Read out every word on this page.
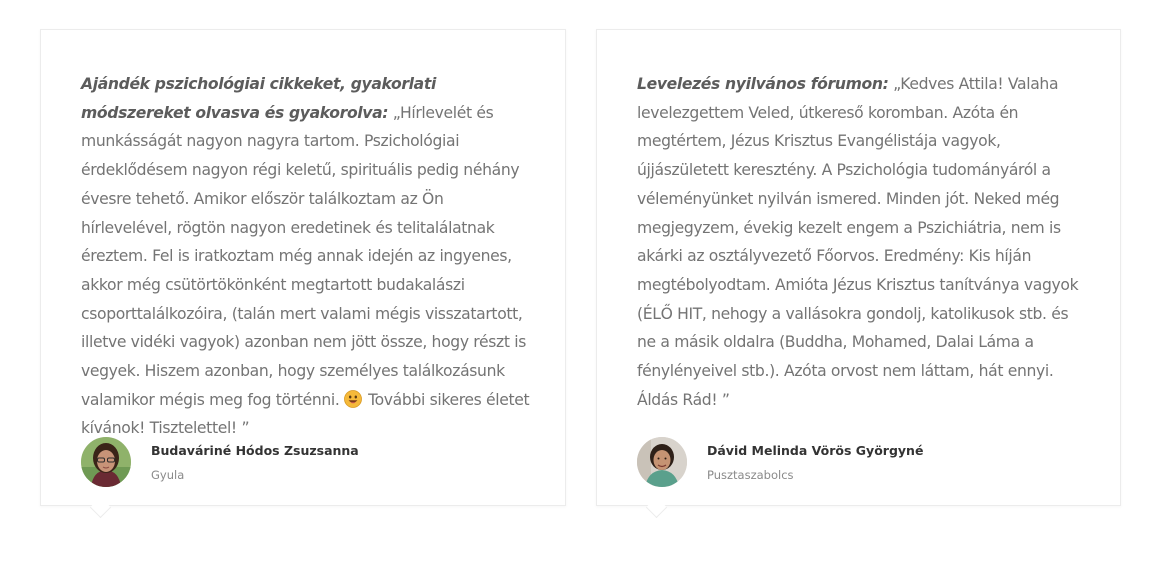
Ajándék pszichológiai cikkeket, gyakorlati módszereket olvasva és gyakorolva: „Hírlevelét és munkásságát nagyon nagyra tartom. Pszichológiai érdeklődésem nagyon régi keletű, spirituális pedig néhány évesre tehető. Amikor először találkoztam az Ön hírlevelével, rögtön nagyon eredetinek és telitalálatnak éreztem. Fel is iratkoztam még annak idején az ingyenes, akkor még csütörtökönként megtartott budakalászi csoporttalálkozóira, (talán mert valami mégis visszatartott, illetve vidéki vagyok) azonban nem jött össze, hogy részt is vegyek. Hiszem azonban, hogy személyes találkozásunk valamikor mégis meg fog történni. További sikeres életet kívánok! Tisztelettel! ”

Budaváriné Hódos Zsuzsanna
Gyula

Levelezés nyilvános fórumon: „Kedves Attila! Valaha levelezgettem Veled, útkereső koromban. Azóta én megtértem, Jézus Krisztus Evangélistája vagyok, újjászületett keresztény. A Pszichológia tudományáról a véleményünket nyilván ismered. Minden jót. Neked még megjegyzem, évekig kezelt engem a Pszichiátria, nem is akárki az osztályvezető Főorvos. Eredmény: Kis híján megtébolyodtam. Amióta Jézus Krisztus tanítványa vagyok (ÉLŐ HIT, nehogy a vallásokra gondolj, katolikusok stb. és ne a másik oldalra (Buddha, Mohamed, Dalai Láma a fénylényeivel stb.). Azóta orvost nem láttam, hát ennyi. Áldás Rád! ”

Dávid Melinda Vörös Györgyné
Pusztaszabolcs
